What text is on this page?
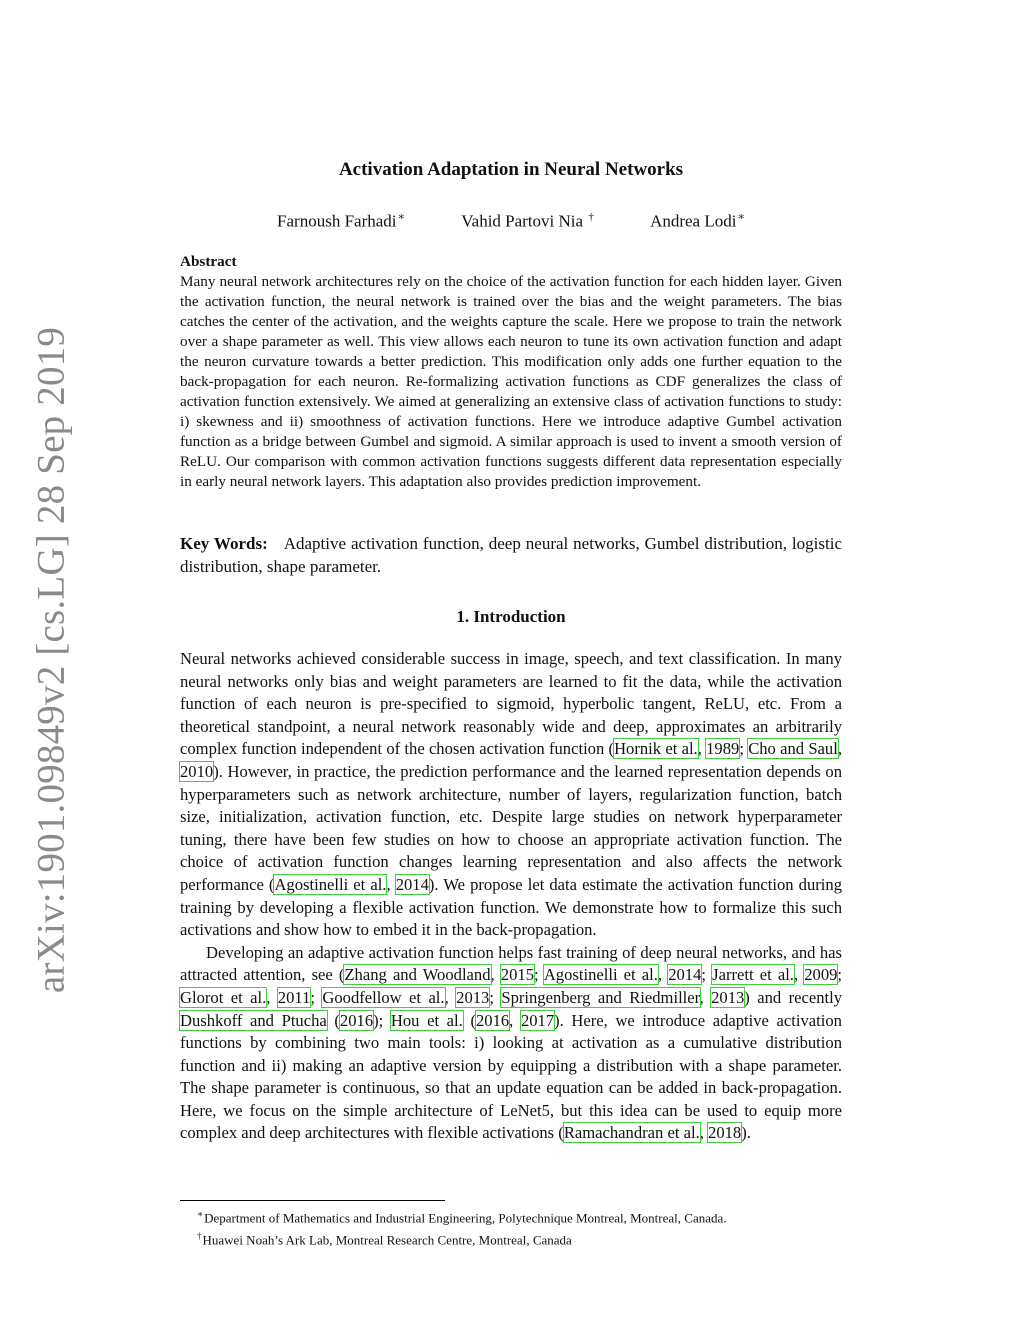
arXiv:1901.09849v2 [cs.LG] 28 Sep 2019
Activation Adaptation in Neural Networks
Farnoush Farhadi∗	Vahid Partovi Nia †	Andrea Lodi∗
Abstract
Many neural network architectures rely on the choice of the activation function for each hidden layer. Given the activation function, the neural network is trained over the bias and the weight parameters. The bias catches the center of the activation, and the weights capture the scale. Here we propose to train the network over a shape parameter as well. This view allows each neuron to tune its own activation function and adapt the neuron curvature towards a better prediction. This modification only adds one further equation to the back-propagation for each neuron. Re-formalizing activation functions as CDF generalizes the class of activation function extensively. We aimed at generalizing an extensive class of activation functions to study: i) skewness and ii) smoothness of activation functions. Here we introduce adaptive Gumbel activation function as a bridge between Gumbel and sigmoid. A similar approach is used to invent a smooth version of ReLU. Our comparison with common activation functions suggests different data representation especially in early neural network layers. This adaptation also provides prediction improvement.
Key Words: Adaptive activation function, deep neural networks, Gumbel distribution, logistic distribution, shape parameter.
1. Introduction

Neural networks achieved considerable success in image, speech, and text classification. In many neural networks only bias and weight parameters are learned to fit the data, while the activation function of each neuron is pre-specified to sigmoid, hyperbolic tangent, ReLU, etc. From a theoretical standpoint, a neural network reasonably wide and deep, approximates an arbitrarily complex function independent of the chosen activation function (Hornik et al., 1989; Cho and Saul, 2010). However, in practice, the prediction performance and the learned representation depends on hyperparameters such as network architecture, number of layers, regularization function, batch size, initialization, activation function, etc. Despite large studies on network hyperparameter tuning, there have been few studies on how to choose an appropriate activation function. The choice of activation function changes learning representation and also affects the network performance (Agostinelli et al., 2014). We propose let data estimate the activation function during training by developing a flexible activation function. We demonstrate how to formalize this such activations and show how to embed it in the back-propagation.

Developing an adaptive activation function helps fast training of deep neural networks, and has attracted attention, see (Zhang and Woodland, 2015; Agostinelli et al., 2014; Jarrett et al., 2009; Glorot et al., 2011; Goodfellow et al., 2013; Springenberg and Riedmiller, 2013) and recently Dushkoff and Ptucha (2016); Hou et al. (2016, 2017). Here, we introduce adaptive activation functions by combining two main tools: i) looking at activation as a cumulative distribution function and ii) making an adaptive version by equipping a distribution with a shape parameter. The shape parameter is continuous, so that an update equation can be added in back-propagation. Here, we focus on the simple architecture of LeNet5, but this idea can be used to equip more complex and deep architectures with flexible activations (Ramachandran et al., 2018).

∗Department of Mathematics and Industrial Engineering, Polytechnique Montreal, Montreal, Canada.
†Huawei Noah’s Ark Lab, Montreal Research Centre, Montreal, Canada
